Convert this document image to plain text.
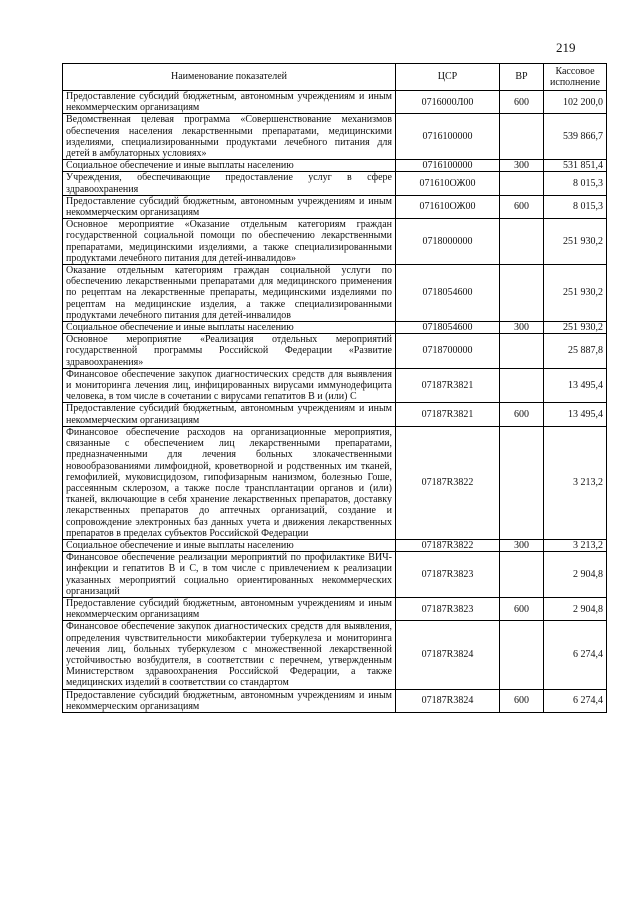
219
Наименование показателей	ЦСР	ВР	Кассовое исполнение
Предоставление субсидий бюджетным, автономным учреждениям и иным некоммерческим организациям	0716000Л00	600	102 200,0
Ведомственная целевая программа «Совершенствование механизмов обеспечения населения лекарственными препаратами, медицинскими изделиями, специализированными продуктами лечебного питания для детей в амбулаторных условиях»	0716100000		539 866,7
Социальное обеспечение и иные выплаты населению	0716100000	300	531 851,4
Учреждения, обеспечивающие предоставление услуг в сфере здравоохранения	071610ОЖ00		8 015,3
Предоставление субсидий бюджетным, автономным учреждениям и иным некоммерческим организациям	071610ОЖ00	600	8 015,3
Основное мероприятие «Оказание отдельным категориям граждан государственной социальной помощи по обеспечению лекарственными препаратами, медицинскими изделиями, а также специализированными продуктами лечебного питания для детей-инвалидов»	0718000000		251 930,2
Оказание отдельным категориям граждан социальной услуги по обеспечению лекарственными препаратами для медицинского применения по рецептам на лекарственные препараты, медицинскими изделиями по рецептам на медицинские изделия, а также специализированными продуктами лечебного питания для детей-инвалидов	0718054600		251 930,2
Социальное обеспечение и иные выплаты населению	0718054600	300	251 930,2
Основное мероприятие «Реализация отдельных мероприятий государственной программы Российской Федерации «Развитие здравоохранения»	0718700000		25 887,8
Финансовое обеспечение закупок диагностических средств для выявления и мониторинга лечения лиц, инфицированных вирусами иммунодефицита человека, в том числе в сочетании с вирусами гепатитов В и (или) С	07187R3821		13 495,4
Предоставление субсидий бюджетным, автономным учреждениям и иным некоммерческим организациям	07187R3821	600	13 495,4
Финансовое обеспечение расходов на организационные мероприятия, связанные с обеспечением лиц лекарственными препаратами, предназначенными для лечения больных злокачественными новообразованиями лимфоидной, кроветворной и родственных им тканей, гемофилией, муковисцидозом, гипофизарным нанизмом, болезнью Гоше, рассеянным склерозом, а также после трансплантации органов и (или) тканей, включающие в себя хранение лекарственных препаратов, доставку лекарственных препаратов до аптечных организаций, создание и сопровождение электронных баз данных учета и движения лекарственных препаратов в пределах субъектов Российской Федерации	07187R3822		3 213,2
Социальное обеспечение и иные выплаты населению	07187R3822	300	3 213,2
Финансовое обеспечение реализации мероприятий по профилактике ВИЧ-инфекции и гепатитов В и С, в том числе с привлечением к реализации указанных мероприятий социально ориентированных некоммерческих организаций	07187R3823		2 904,8
Предоставление субсидий бюджетным, автономным учреждениям и иным некоммерческим организациям	07187R3823	600	2 904,8
Финансовое обеспечение закупок диагностических средств для выявления, определения чувствительности микобактерии туберкулеза и мониторинга лечения лиц, больных туберкулезом с множественной лекарственной устойчивостью возбудителя, в соответствии с перечнем, утвержденным Министерством здравоохранения Российской Федерации, а также медицинских изделий в соответствии со стандартом	07187R3824		6 274,4
Предоставление субсидий бюджетным, автономным учреждениям и иным некоммерческим организациям	07187R3824	600	6 274,4
